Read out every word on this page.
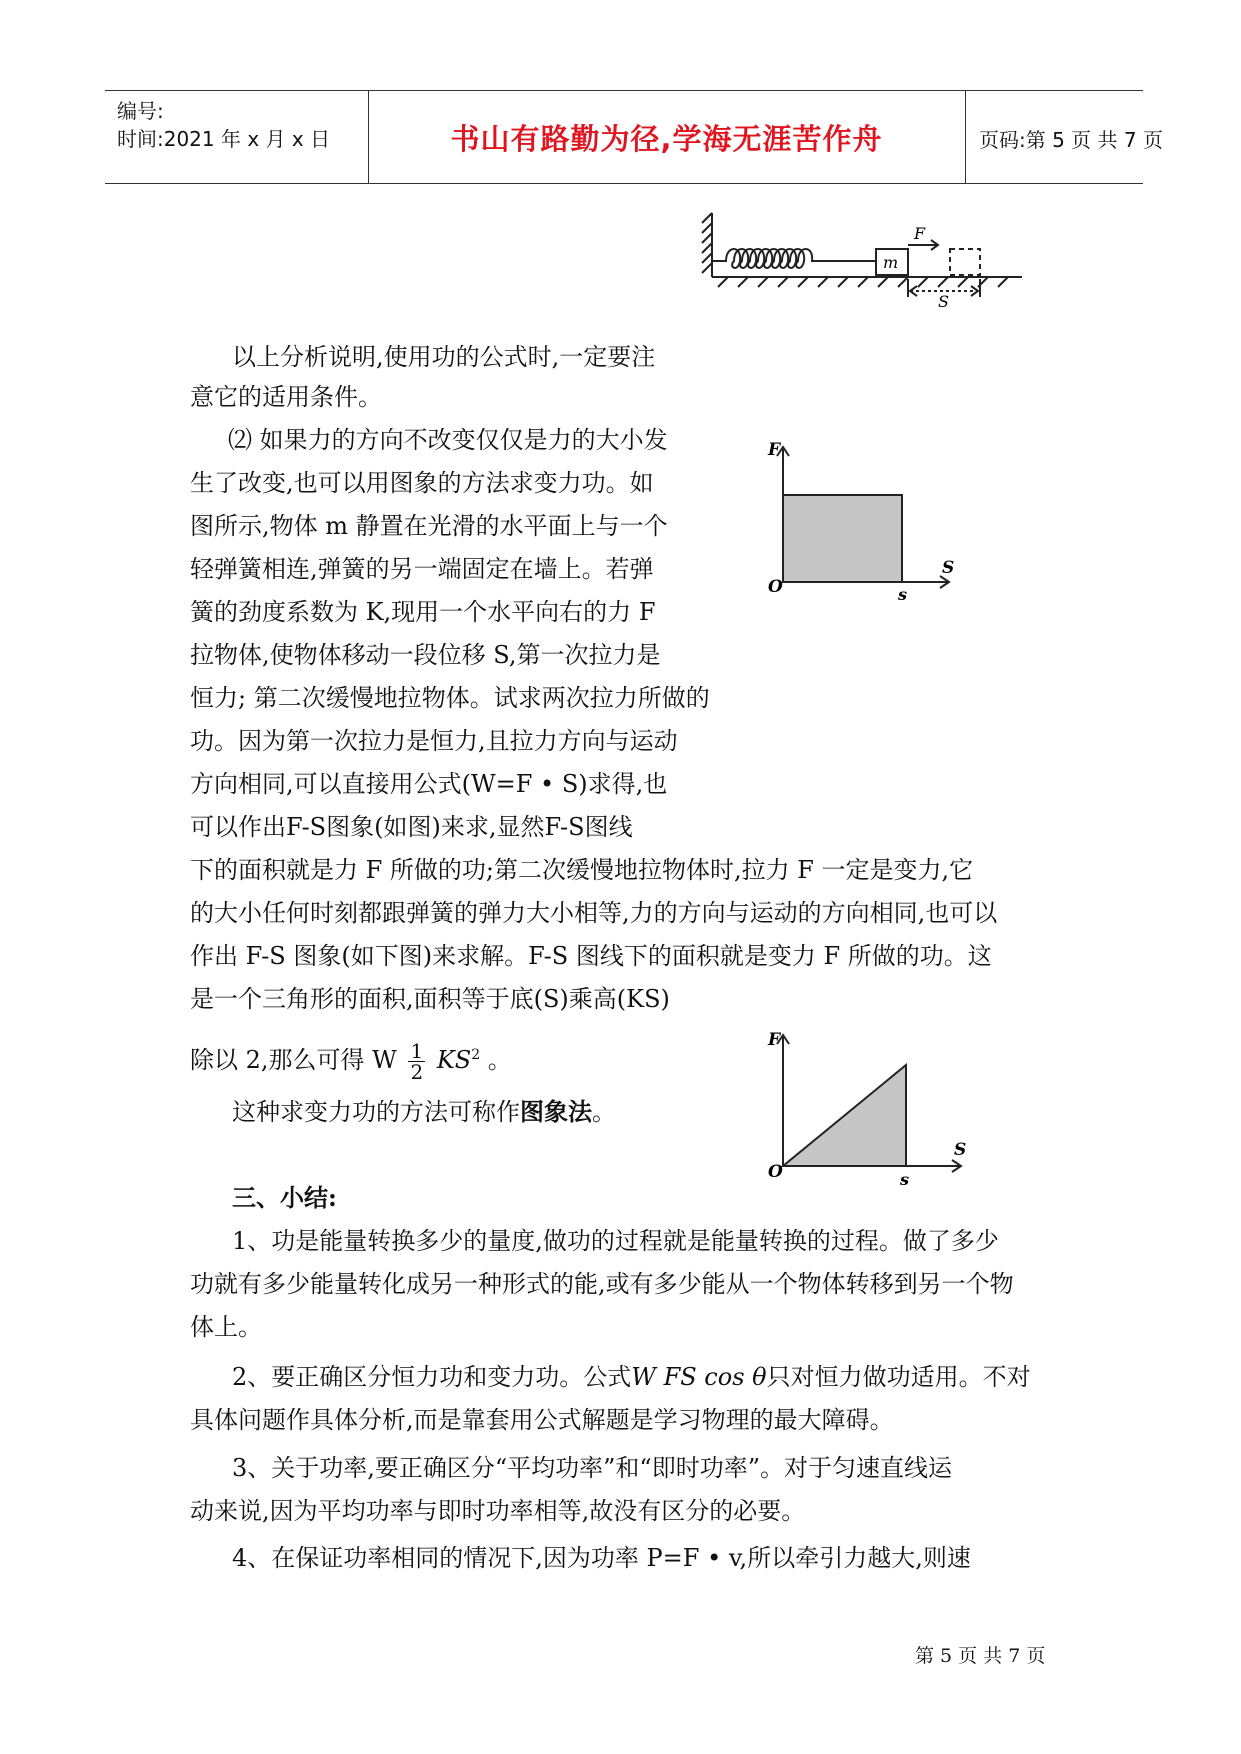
编号:
时间:2021 年 x 月 x 日	书山有路勤为径,学海无涯苦作舟	页码:第 5 页 共 7 页
m
F
S
F
S
O	s
F
S
O	s
以上分析说明,使用功的公式时,一定要注
意它的适用条件。
⑵ 如果力的方向不改变仅仅是力的大小发
生了改变,也可以用图象的方法求变力功。如
图所示,物体 m 静置在光滑的水平面上与一个
轻弹簧相连,弹簧的另一端固定在墙上。若弹
簧的劲度系数为 K,现用一个水平向右的力 F
拉物体,使物体移动一段位移 S,第一次拉力是
恒力; 第二次缓慢地拉物体。试求两次拉力所做的
功。因为第一次拉力是恒力,且拉力方向与运动
方向相同,可以直接用公式(W=F • S)求得,也
可以作出F-S图象(如图)来求,显然F-S图线
下的面积就是力 F 所做的功;第二次缓慢地拉物体时,拉力 F 一定是变力,它
的大小任何时刻都跟弹簧的弹力大小相等,力的方向与运动的方向相同,也可以
作出 F-S 图象(如下图)来求解。F-S 图线下的面积就是变力 F 所做的功。这
是一个三角形的面积,面积等于底(S)乘高(KS)
除以 2,那么可得 W $\frac{1}{2} KS^2$ 。
这种求变力功的方法可称作图象法。
三、小结:
1、功是能量转换多少的量度,做功的过程就是能量转换的过程。做了多少
功就有多少能量转化成另一种形式的能,或有多少能从一个物体转移到另一个物
体上。
2、要正确区分恒力功和变力功。公式W FS cos θ只对恒力做功适用。不对
具体问题作具体分析,而是靠套用公式解题是学习物理的最大障碍。
3、关于功率,要正确区分“平均功率”和“即时功率”。对于匀速直线运
动来说,因为平均功率与即时功率相等,故没有区分的必要。
4、在保证功率相同的情况下,因为功率 P=F • v,所以牵引力越大,则速
第 5 页 共 7 页
